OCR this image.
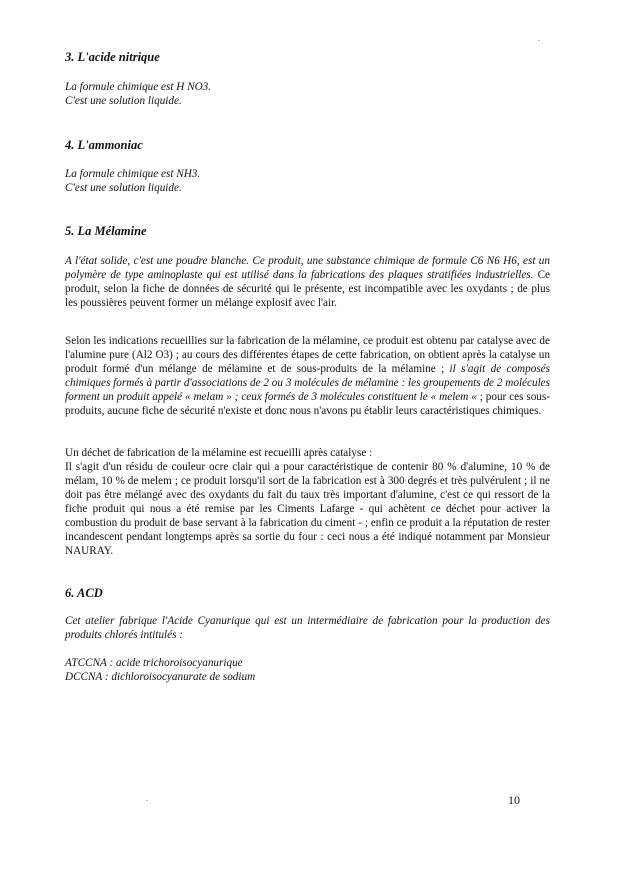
3. L'acide nitrique
La formule chimique est H NO3.
C'est une solution liquide.
4. L'ammoniac
La formule chimique est NH3.
C'est une solution liquide.
5. La Mélamine

A l'état solide, c'est une poudre blanche. Ce produit, une substance chimique de formule C6 N6 H6, est un polymère de type aminoplaste qui est utilisé dans la fabrications des plaques stratifiées industrielles. Ce produit, selon la fiche de données de sécurité qui le présente, est incompatible avec les oxydants ; de plus les poussières peuvent former un mélange explosif avec l'air.

Selon les indications recueillies sur la fabrication de la mélamine, ce produit est obtenu par catalyse avec de l'alumine pure (Al2 O3) ; au cours des différentes étapes de cette fabrication, on obtient après la catalyse un produit formé d'un mélange de mélamine et de sous-produits de la mélamine ; il s'agit de composés chimiques formés à partir d'associations de 2 ou 3 molécules de mélamine : les groupements de 2 molécules forment un produit appelé « melam » ; ceux formés de 3 molécules constituent le « melem « ; pour ces sous-produits, aucune fiche de sécurité n'existe et donc nous n'avons pu établir leurs caractéristiques chimiques.

Un déchet de fabrication de la mélamine est recueilli après catalyse :
Il s'agit d'un résidu de couleur ocre clair qui a pour caractéristique de contenir 80 % d'alumine, 10 % de mélam, 10 % de melem ; ce produit lorsqu'il sort de la fabrication est à 300 degrés et très pulvérulent ; il ne doit pas être mélangé avec des oxydants du fait du taux très important d'alumine, c'est ce qui ressort de la fiche produit qui nous a été remise par les Ciments Lafarge - qui achètent ce déchet pour activer la combustion du produit de base servant à la fabrication du ciment - ; enfin ce produit a la réputation de rester incandescent pendant longtemps après sa sortie du four : ceci nous a été indiqué notamment par Monsieur NAURAY.

6. ACD

Cet atelier fabrique l'Acide Cyanurique qui est un intermédiaire de fabrication pour la production des produits chlorés intitulés :

ATCCNA : acide trichoroisocyanurique
DCCNA : dichloroisocyanurate de sodium
10
